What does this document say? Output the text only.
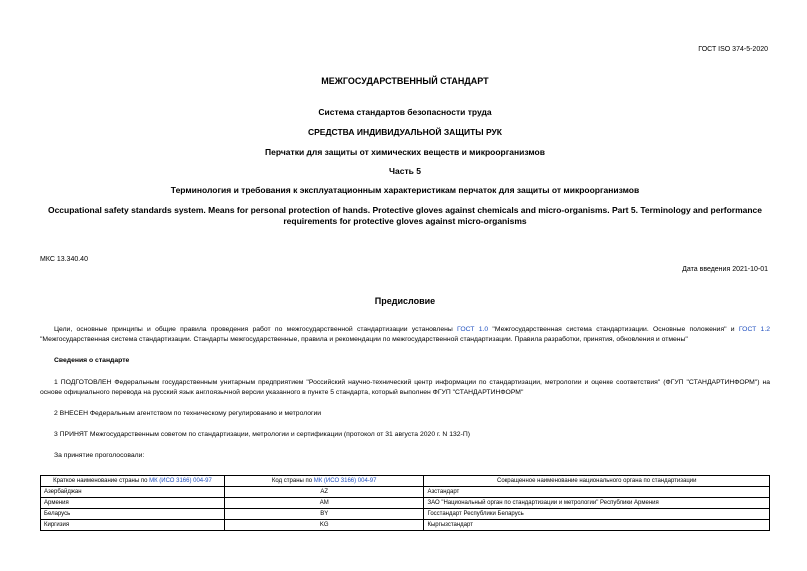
ГОСТ ISO 374-5-2020
МЕЖГОСУДАРСТВЕННЫЙ СТАНДАРТ
Система стандартов безопасности труда
СРЕДСТВА ИНДИВИДУАЛЬНОЙ ЗАЩИТЫ РУК
Перчатки для защиты от химических веществ и микроорганизмов
Часть 5
Терминология и требования к эксплуатационным характеристикам перчаток для защиты от микроорганизмов
Occupational safety standards system. Means for personal protection of hands. Protective gloves against chemicals and micro-organisms. Part 5. Terminology and performance requirements for protective gloves against micro-organisms
МКС 13.340.40
Дата введения 2021-10-01
Предисловие
Цели, основные принципы и общие правила проведения работ по межгосударственной стандартизации установлены ГОСТ 1.0 "Межгосударственная система стандартизации. Основные положения" и ГОСТ 1.2 "Межгосударственная система стандартизации. Стандарты межгосударственные, правила и рекомендации по межгосударственной стандартизации. Правила разработки, принятия, обновления и отмены"
Сведения о стандарте
1 ПОДГОТОВЛЕН Федеральным государственным унитарным предприятием "Российский научно-технический центр информации по стандартизации, метрологии и оценке соответствия" (ФГУП "СТАНДАРТИНФОРМ") на основе официального перевода на русский язык англоязычной версии указанного в пункте 5 стандарта, который выполнен ФГУП "СТАНДАРТИНФОРМ"
2 ВНЕСЕН Федеральным агентством по техническому регулированию и метрологии
3 ПРИНЯТ Межгосударственным советом по стандартизации, метрологии и сертификации (протокол от 31 августа 2020 г. N 132-П)
За принятие проголосовали:
Краткое наименование страны по МК (ИСО 3166) 004-97	Код страны по МК (ИСО 3166) 004-97	Сокращенное наименование национального органа по стандартизации
Азербайджан	AZ	Азстандарт
Армения	AM	ЗАО "Национальный орган по стандартизации и метрологии" Республики Армения
Беларусь	BY	Госстандарт Республики Беларусь
Киргизия	KG	Кыргызстандарт
